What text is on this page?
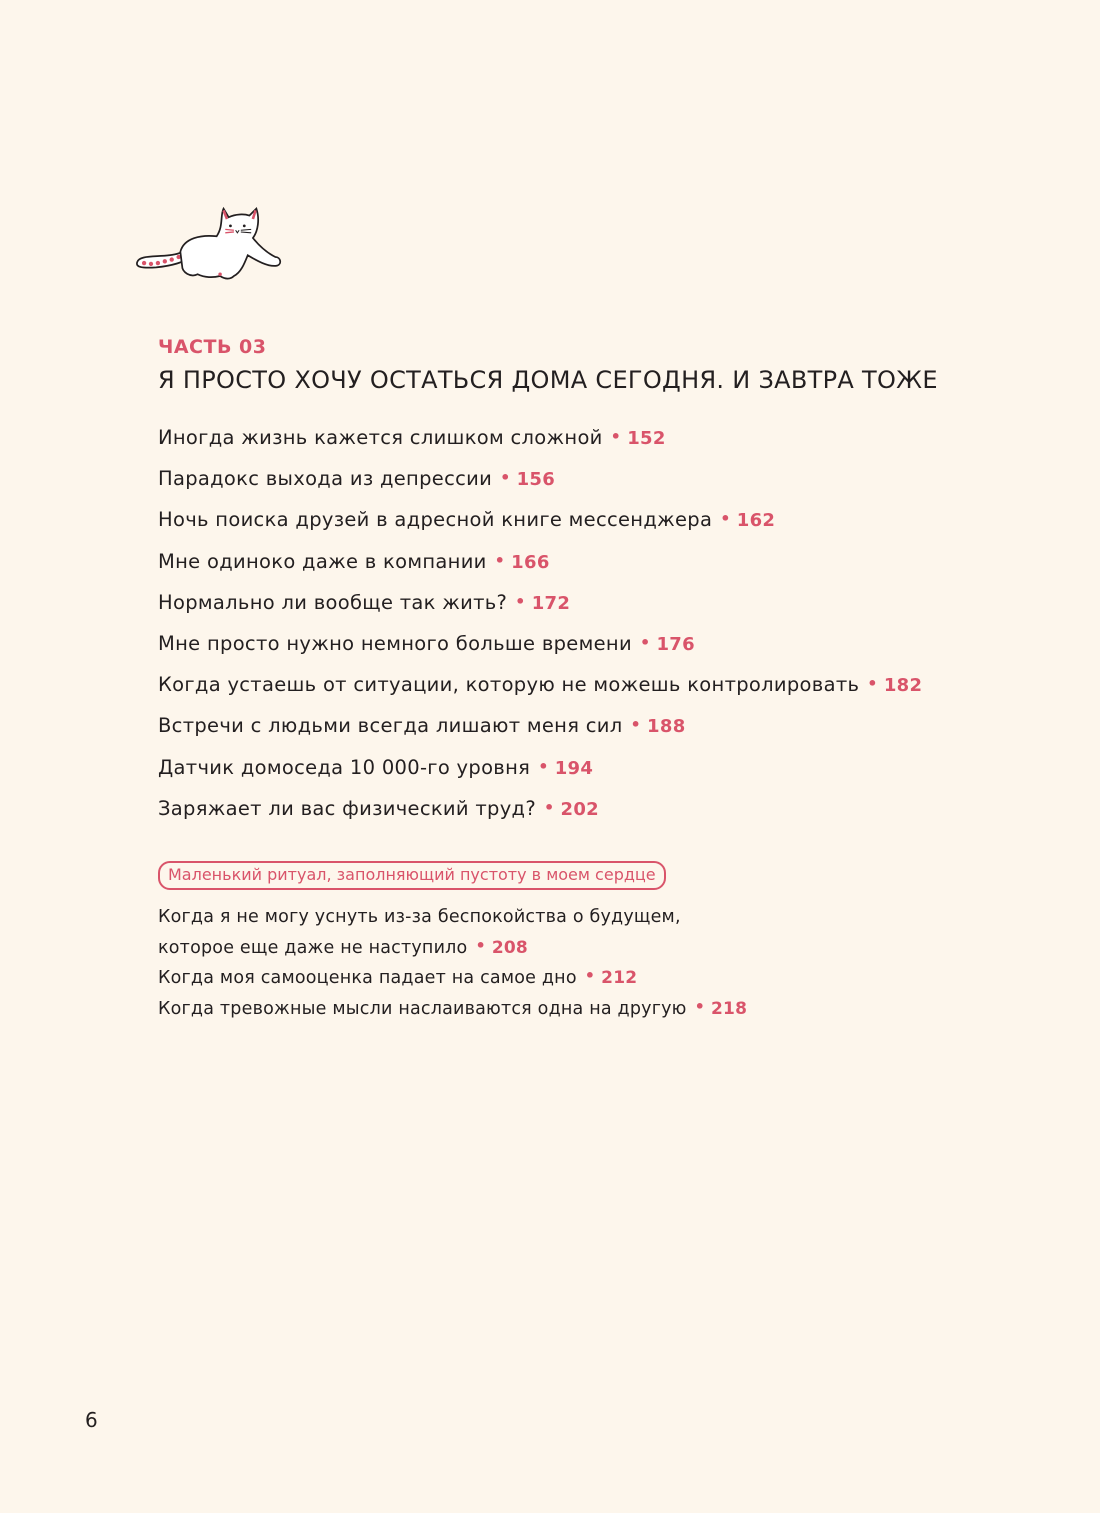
ЧАСТЬ 03
Я ПРОСТО ХОЧУ ОСТАТЬСЯ ДОМА СЕГОДНЯ. И ЗАВТРА ТОЖЕ
Иногда жизнь кажется слишком сложной • 152
Парадокс выхода из депрессии • 156
Ночь поиска друзей в адресной книге мессенджера • 162
Мне одиноко даже в компании • 166
Нормально ли вообще так жить? • 172
Мне просто нужно немного больше времени • 176
Когда устаешь от ситуации, которую не можешь контролировать • 182
Встречи с людьми всегда лишают меня сил • 188
Датчик домоседа 10 000-го уровня • 194
Заряжает ли вас физический труд? • 202
Маленький ритуал, заполняющий пустоту в моем сердце
Когда я не могу уснуть из-за беспокойства о будущем,
которое еще даже не наступило • 208
Когда моя самооценка падает на самое дно • 212
Когда тревожные мысли наслаиваются одна на другую • 218
6
